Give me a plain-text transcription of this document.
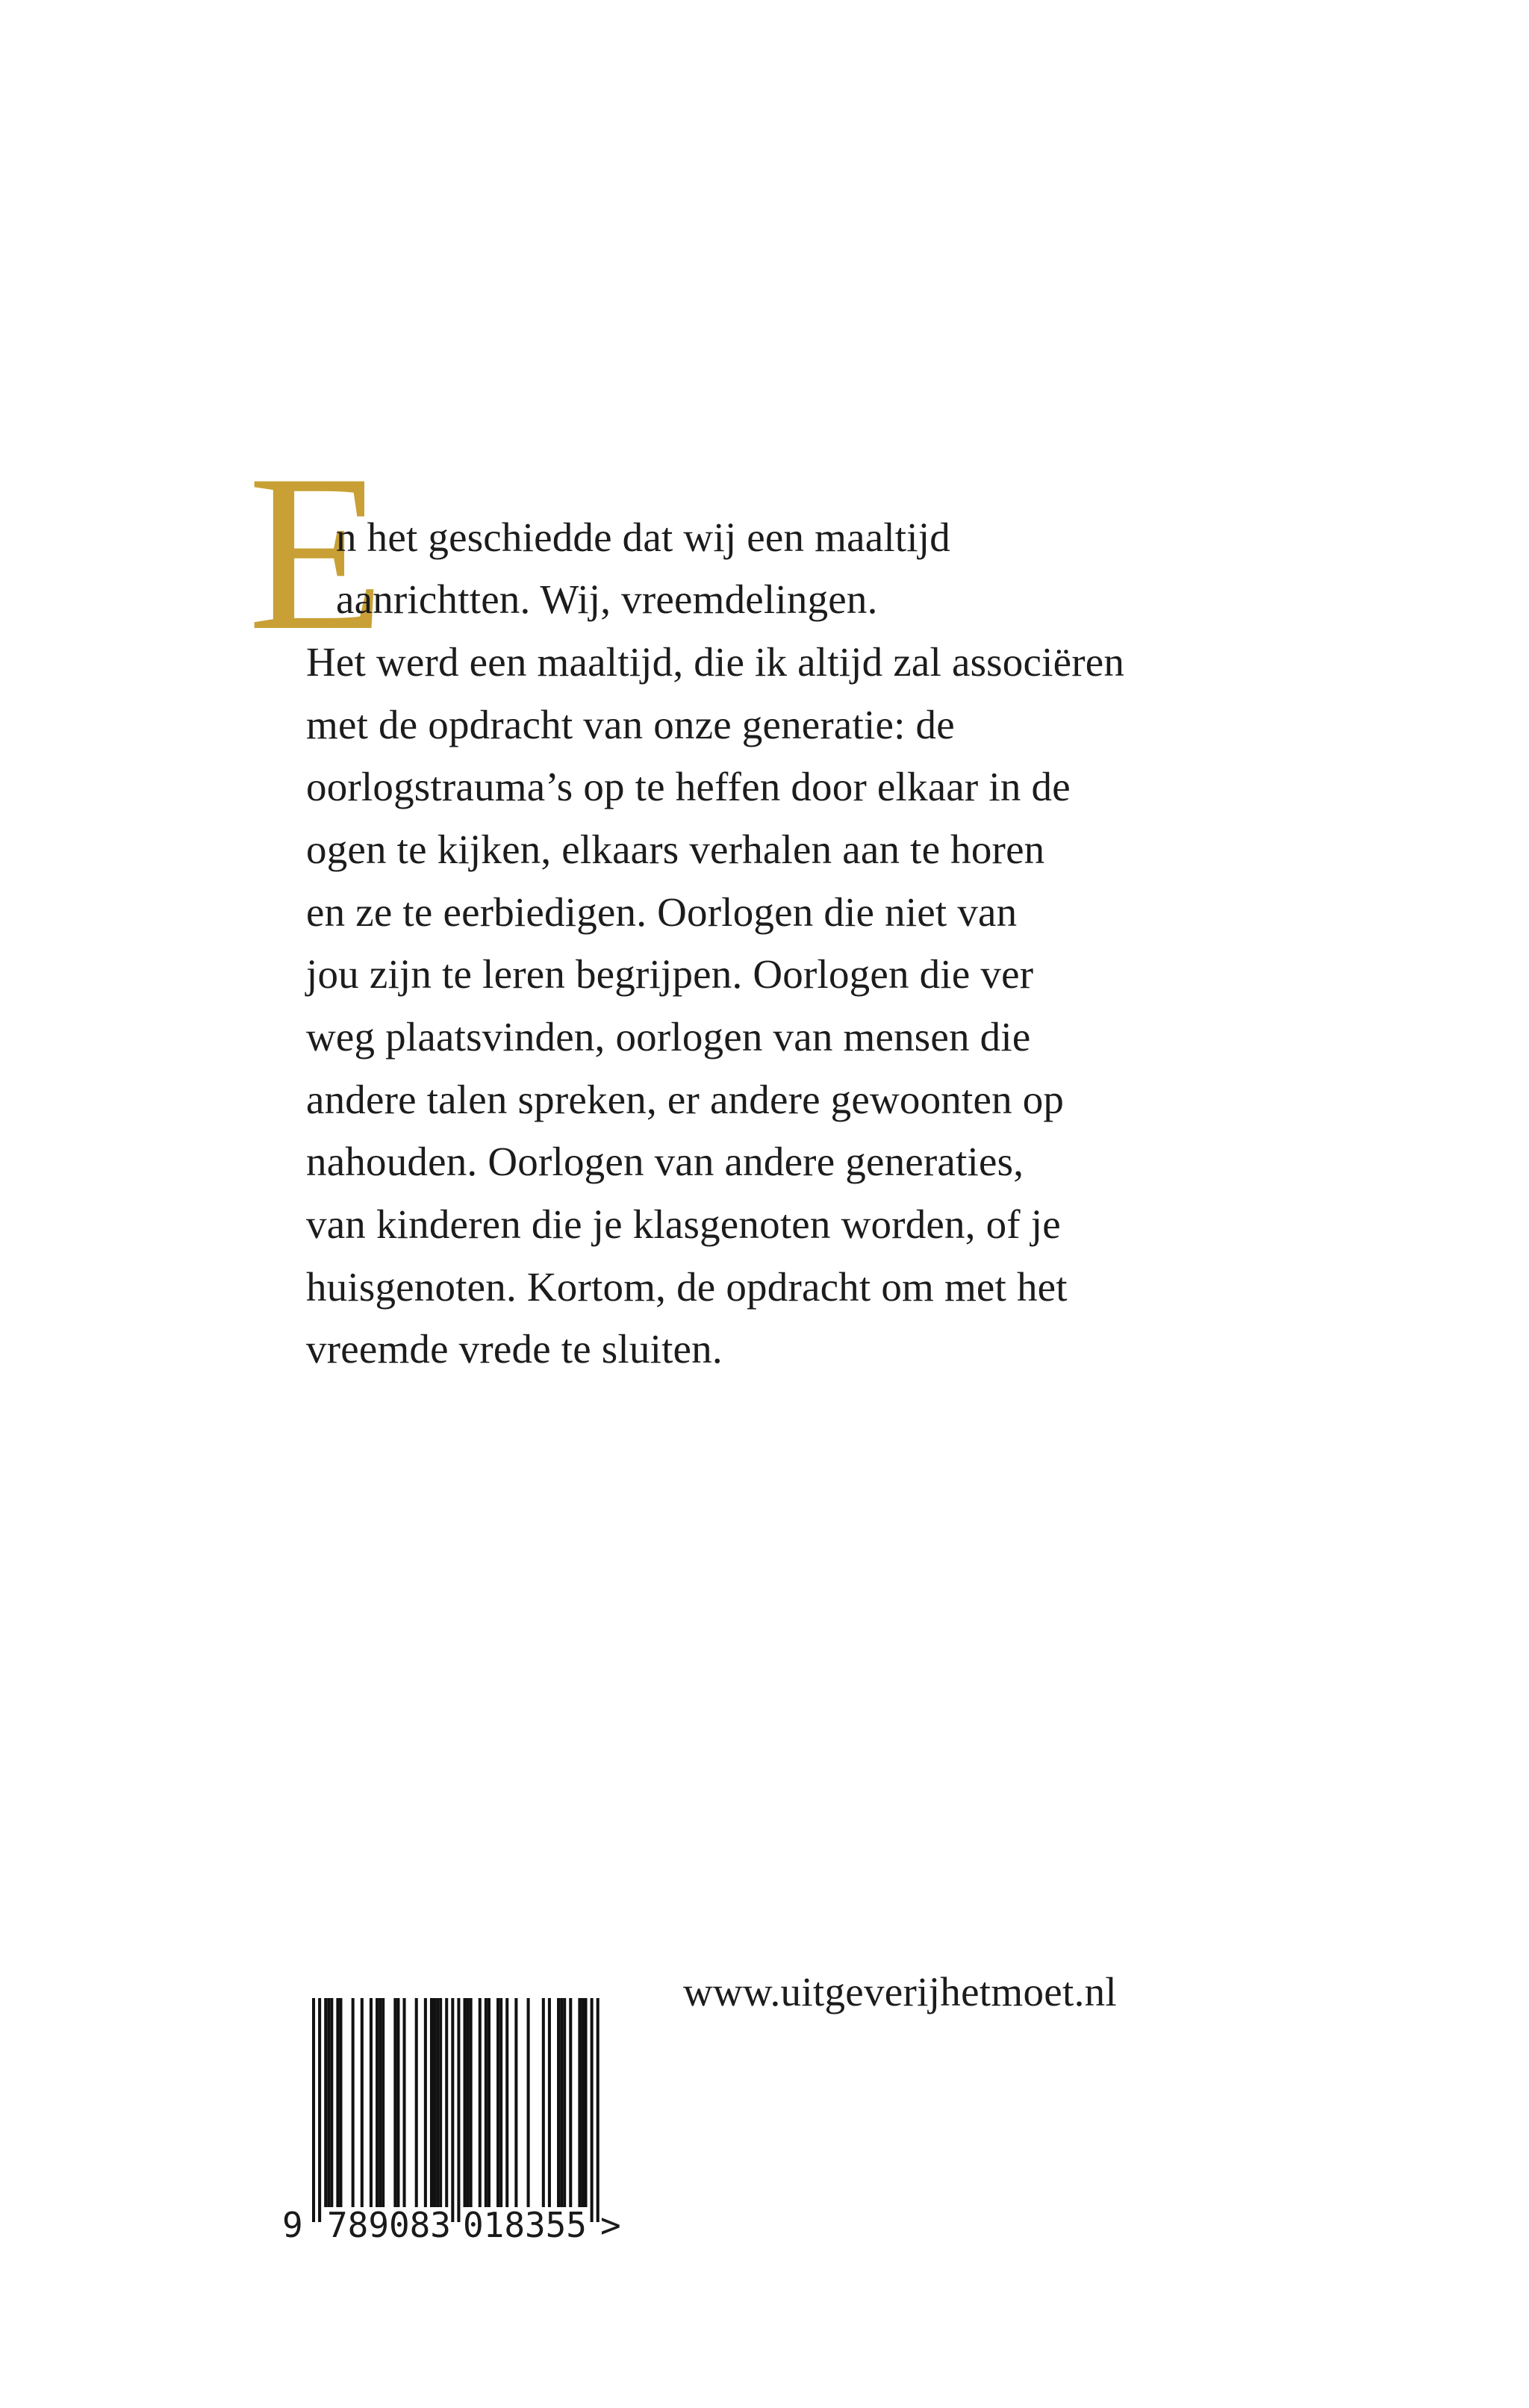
E
n het geschiedde dat wij een maaltijd
aanrichtten. Wij, vreemdelingen.
Het werd een maaltijd, die ik altijd zal associëren
met de opdracht van onze generatie: de
oorlogstrauma’s op te heffen door elkaar in de
ogen te kijken, elkaars verhalen aan te horen
en ze te eerbiedigen. Oorlogen die niet van
jou zijn te leren begrijpen. Oorlogen die ver
weg plaatsvinden, oorlogen van mensen die
andere talen spreken, er andere gewoonten op
nahouden. Oorlogen van andere generaties,
van kinderen die je klasgenoten worden, of je
huisgenoten. Kortom, de opdracht om met het
vreemde vrede te sluiten.
9 789083 018355 >
www.uitgeverijhetmoet.nl
